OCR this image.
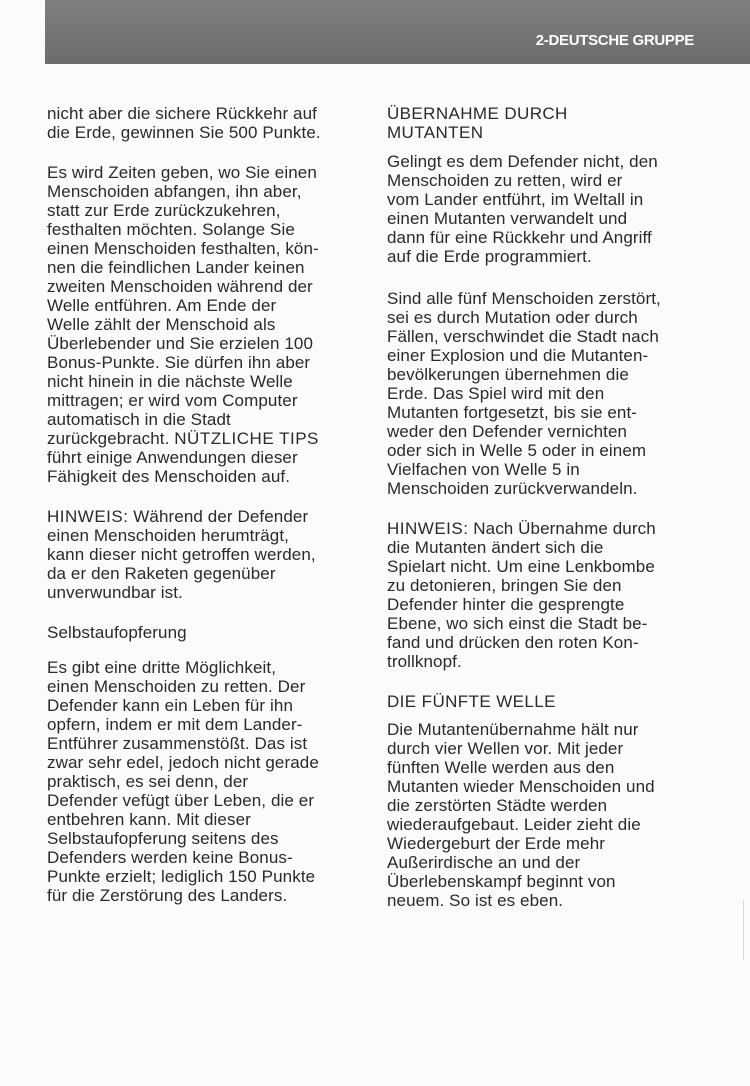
2-DEUTSCHE GRUPPE

nicht aber die sichere Rückkehr auf
die Erde, gewinnen Sie 500 Punkte.

Es wird Zeiten geben, wo Sie einen
Menschoiden abfangen, ihn aber,
statt zur Erde zurückzukehren,
festhalten möchten. Solange Sie
einen Menschoiden festhalten, kön-
nen die feindlichen Lander keinen
zweiten Menschoiden während der
Welle entführen. Am Ende der
Welle zählt der Menschoid als
Überlebender und Sie erzielen 100
Bonus-Punkte. Sie dürfen ihn aber
nicht hinein in die nächste Welle
mittragen; er wird vom Computer
automatisch in die Stadt
zurückgebracht. NÜTZLICHE TIPS
führt einige Anwendungen dieser
Fähigkeit des Menschoiden auf.

HINWEIS: Während der Defender
einen Menschoiden herumträgt,
kann dieser nicht getroffen werden,
da er den Raketen gegenüber
unverwundbar ist.

Selbstaufopferung

Es gibt eine dritte Möglichkeit,
einen Menschoiden zu retten. Der
Defender kann ein Leben für ihn
opfern, indem er mit dem Lander-
Entführer zusammenstößt. Das ist
zwar sehr edel, jedoch nicht gerade
praktisch, es sei denn, der
Defender vefügt über Leben, die er
entbehren kann. Mit dieser
Selbstaufopferung seitens des
Defenders werden keine Bonus-
Punkte erzielt; lediglich 150 Punkte
für die Zerstörung des Landers.

ÜBERNAHME DURCH
MUTANTEN

Gelingt es dem Defender nicht, den
Menschoiden zu retten, wird er
vom Lander entführt, im Weltall in
einen Mutanten verwandelt und
dann für eine Rückkehr und Angriff
auf die Erde programmiert.

Sind alle fünf Menschoiden zerstört,
sei es durch Mutation oder durch
Fällen, verschwindet die Stadt nach
einer Explosion und die Mutanten-
bevölkerungen übernehmen die
Erde. Das Spiel wird mit den
Mutanten fortgesetzt, bis sie ent-
weder den Defender vernichten
oder sich in Welle 5 oder in einem
Vielfachen von Welle 5 in
Menschoiden zurückverwandeln.

HINWEIS: Nach Übernahme durch
die Mutanten ändert sich die
Spielart nicht. Um eine Lenkbombe
zu detonieren, bringen Sie den
Defender hinter die gesprengte
Ebene, wo sich einst die Stadt be-
fand und drücken den roten Kon-
trollknopf.

DIE FÜNFTE WELLE

Die Mutantenübernahme hält nur
durch vier Wellen vor. Mit jeder
fünften Welle werden aus den
Mutanten wieder Menschoiden und
die zerstörten Städte werden
wiederaufgebaut. Leider zieht die
Wiedergeburt der Erde mehr
Außerirdische an und der
Überlebenskampf beginnt von
neuem. So ist es eben.
